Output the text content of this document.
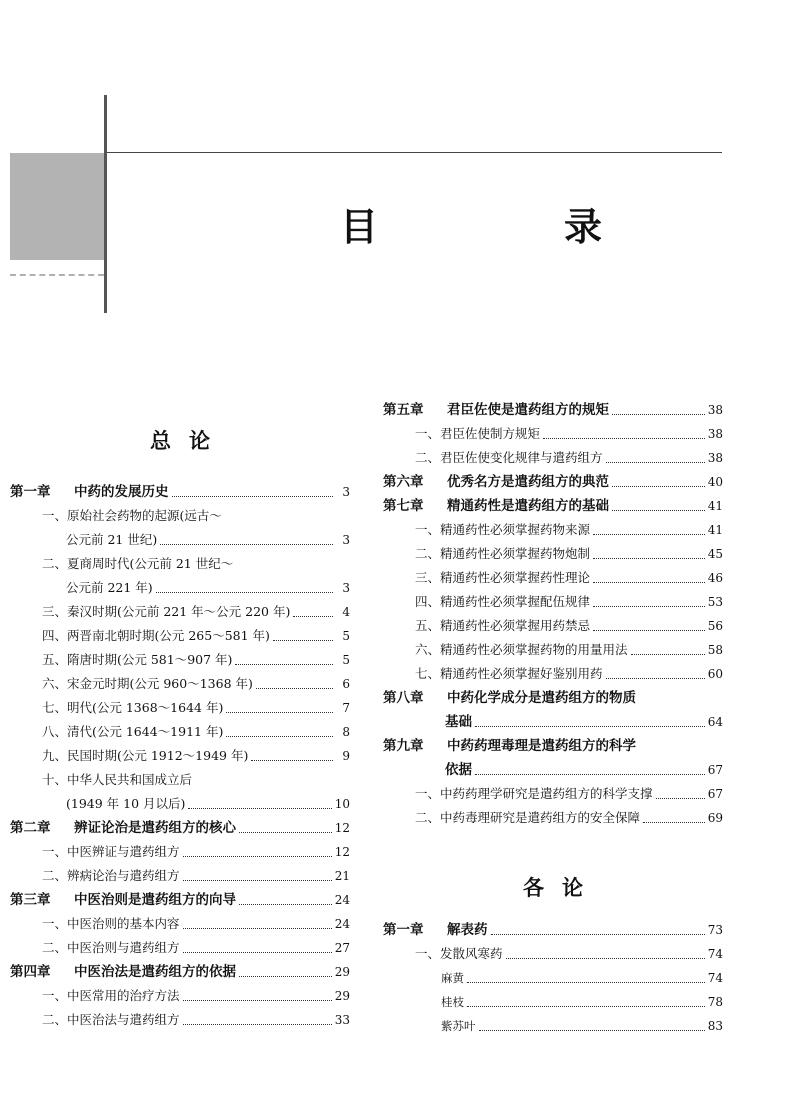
目　录
总论
第一章	中药的发展历史	3
一、原始社会药物的起源(远古～
公元前 21 世纪)	3
二、夏商周时代(公元前 21 世纪～
公元前 221 年)	3
三、秦汉时期(公元前 221 年～公元 220 年)	4
四、两晋南北朝时期(公元 265～581 年)	5
五、隋唐时期(公元 581～907 年)	5
六、宋金元时期(公元 960～1368 年)	6
七、明代(公元 1368～1644 年)	7
八、清代(公元 1644～1911 年)	8
九、民国时期(公元 1912～1949 年)	9
十、中华人民共和国成立后
(1949 年 10 月以后)	10
第二章	辨证论治是遣药组方的核心	12
一、中医辨证与遣药组方	12
二、辨病论治与遣药组方	21
第三章	中医治则是遣药组方的向导	24
一、中医治则的基本内容	24
二、中医治则与遣药组方	27
第四章	中医治法是遣药组方的依据	29
一、中医常用的治疗方法	29
二、中医治法与遣药组方	33
第五章	君臣佐使是遣药组方的规矩	38
一、君臣佐使制方规矩	38
二、君臣佐使变化规律与遣药组方	38
第六章	优秀名方是遣药组方的典范	40
第七章	精通药性是遣药组方的基础	41
一、精通药性必须掌握药物来源	41
二、精通药性必须掌握药物炮制	45
三、精通药性必须掌握药性理论	46
四、精通药性必须掌握配伍规律	53
五、精通药性必须掌握用药禁忌	56
六、精通药性必须掌握药物的用量用法	58
七、精通药性必须掌握好鉴别用药	60
第八章	中药化学成分是遣药组方的物质
基础	64
第九章	中药药理毒理是遣药组方的科学
依据	67
一、中药药理学研究是遣药组方的科学支撑	67
二、中药毒理研究是遣药组方的安全保障	69
各论
第一章	解表药	73
一、发散风寒药	74
麻黄	74
桂枝	78
紫苏叶	83
